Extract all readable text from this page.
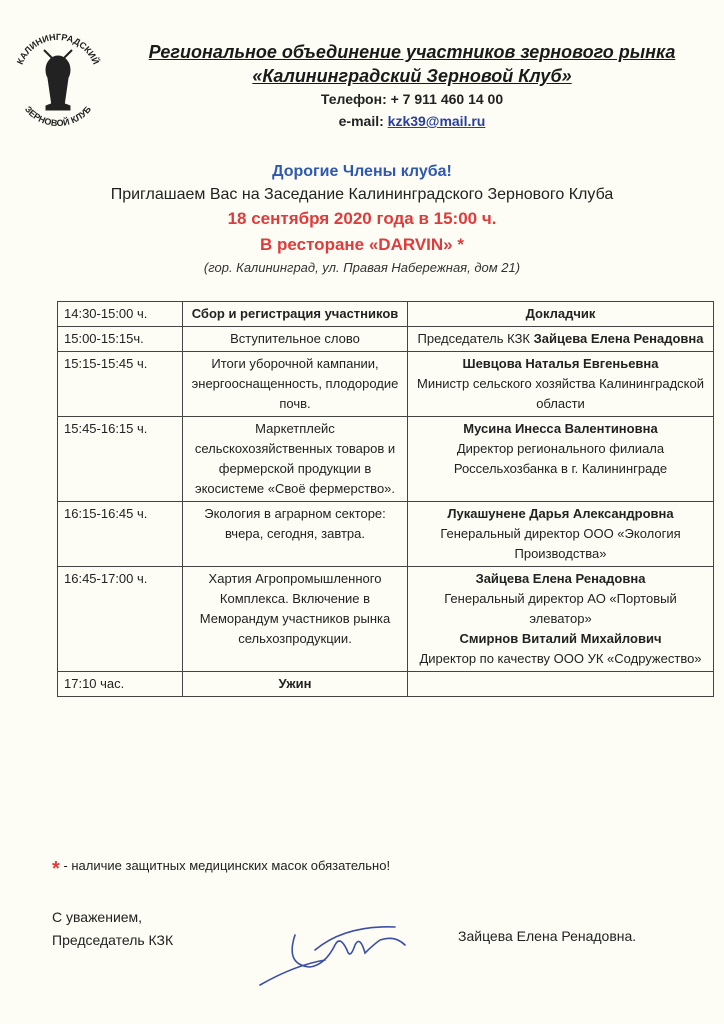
КАЛИНИНГРАДСКИЙ
ЗЕРНОВОЙ КЛУБ
Региональное объединение участников зернового рынка
«Калининградский Зерновой Клуб»
Телефон: + 7 911 460 14 00
e-mail: kzk39@mail.ru
Дорогие Члены клуба!
Приглашаем Вас на Заседание Калининградского Зернового Клуба
18 сентября 2020 года в 15:00 ч.
В ресторане «DARVIN» *
(гор. Калининград, ул. Правая Набережная, дом 21)
14:30-15:00 ч.	Сбор и регистрация участников	Докладчик
15:00-15:15ч.	Вступительное слово	Председатель КЗК Зайцева Елена Ренадовна

15:15-15:45 ч.	Итоги уборочной кампании, энергооснащенность, плодородие почв.	Шевцова Наталья Евгеньевна
Министр сельского хозяйства Калининградской области

15:45-16:15 ч.	Маркетплейс сельскохозяйственных товаров и фермерской продукции в экосистеме «Своё фермерство».	Мусина Инесса Валентиновна
Директор регионального филиала Россельхозбанка в г. Калининграде

16:15-16:45 ч.	Экология в аграрном секторе: вчера, сегодня, завтра.	Лукашунене Дарья Александровна
Генеральный директор ООО «Экология Производства»

16:45-17:00 ч.	Хартия Агропромышленного Комплекса. Включение в Меморандум участников рынка сельхозпродукции.	Зайцева Елена Ренадовна
Генеральный директор АО «Портовый элеватор»
Смирнов Виталий Михайлович
Директор по качеству ООО УК «Содружество»

17:10 час.	Ужин	
* - наличие защитных медицинских масок обязательно!
С уважением,
Председатель КЗК	Зайцева Елена Ренадовна.
